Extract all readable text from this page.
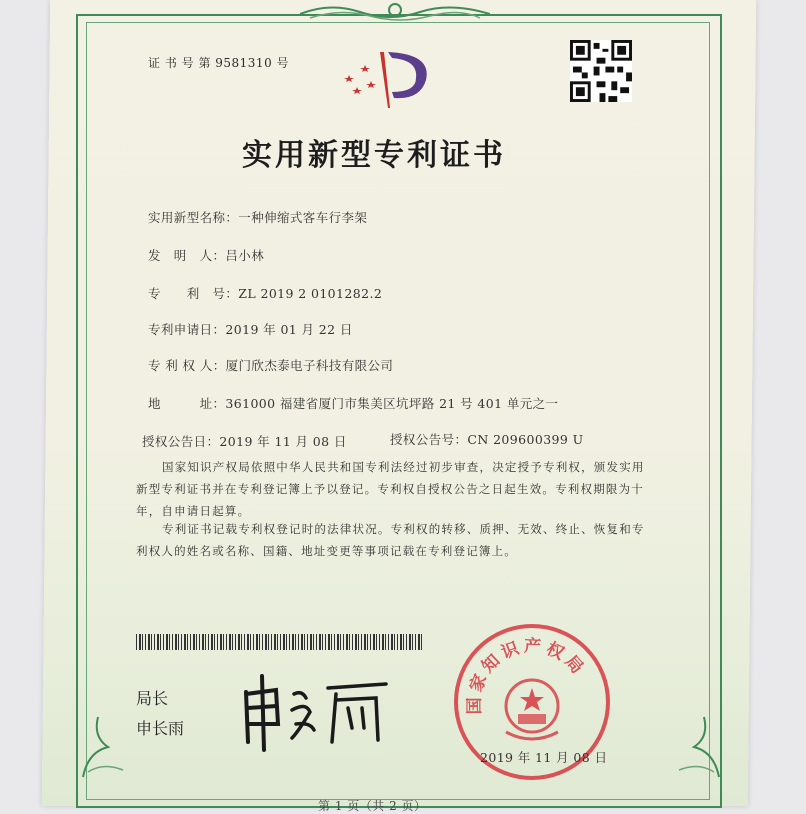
证 书 号 第 9581310 号
实用新型专利证书
实用新型名称：一种伸缩式客车行李架
发　明　人：吕小林
专　　利　号：ZL 2019 2 0101282.2
专利申请日：2019 年 01 月 22 日
专 利 权 人：厦门欣杰泰电子科技有限公司
地　　　址：361000 福建省厦门市集美区坑坪路 21 号 401 单元之一
授权公告日：2019 年 11 月 08 日	授权公告号：CN 209600399 U
国家知识产权局依照中华人民共和国专利法经过初步审查，决定授予专利权，颁发实用新型专利证书并在专利登记簿上予以登记。专利权自授权公告之日起生效。专利权期限为十年，自申请日起算。
专利证书记载专利权登记时的法律状况。专利权的转移、质押、无效、终止、恢复和专利权人的姓名或名称、国籍、地址变更等事项记载在专利登记簿上。
局长
申长雨
国家知识产权局
2019 年 11 月 08 日
第 1 页（共 2 页）
